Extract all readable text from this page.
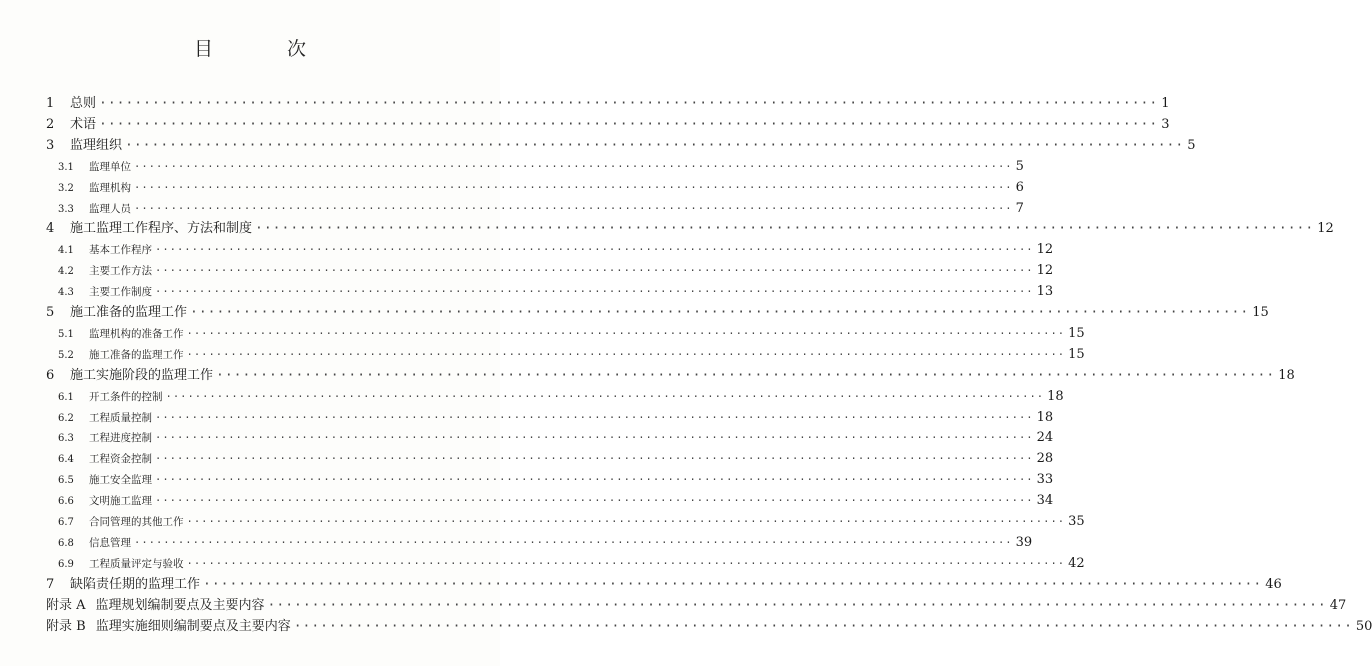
目 次
1	总则 ························································································································ 1
2	术语 ························································································································ 3
3	监理组织 ························································································································ 5
3.1	监理单位 ························································································································ 5
3.2	监理机构 ························································································································ 6
3.3	监理人员 ························································································································ 7
4	施工监理工作程序、方法和制度 ························································································································ 12
4.1	基本工作程序 ························································································································ 12
4.2	主要工作方法 ························································································································ 12
4.3	主要工作制度 ························································································································ 13
5	施工准备的监理工作 ························································································································ 15
5.1	监理机构的准备工作 ························································································································ 15
5.2	施工准备的监理工作 ························································································································ 15
6	施工实施阶段的监理工作 ························································································································ 18
6.1	开工条件的控制 ························································································································ 18
6.2	工程质量控制 ························································································································ 18
6.3	工程进度控制 ························································································································ 24
6.4	工程资金控制 ························································································································ 28
6.5	施工安全监理 ························································································································ 33
6.6	文明施工监理 ························································································································ 34
6.7	合同管理的其他工作 ························································································································ 35
6.8	信息管理 ························································································································ 39
6.9	工程质量评定与验收 ························································································································ 42
7	缺陷责任期的监理工作 ························································································································ 46
附录 A 监理规划编制要点及主要内容 ························································································································ 47
附录 B 监理实施细则编制要点及主要内容 ························································································································ 50
